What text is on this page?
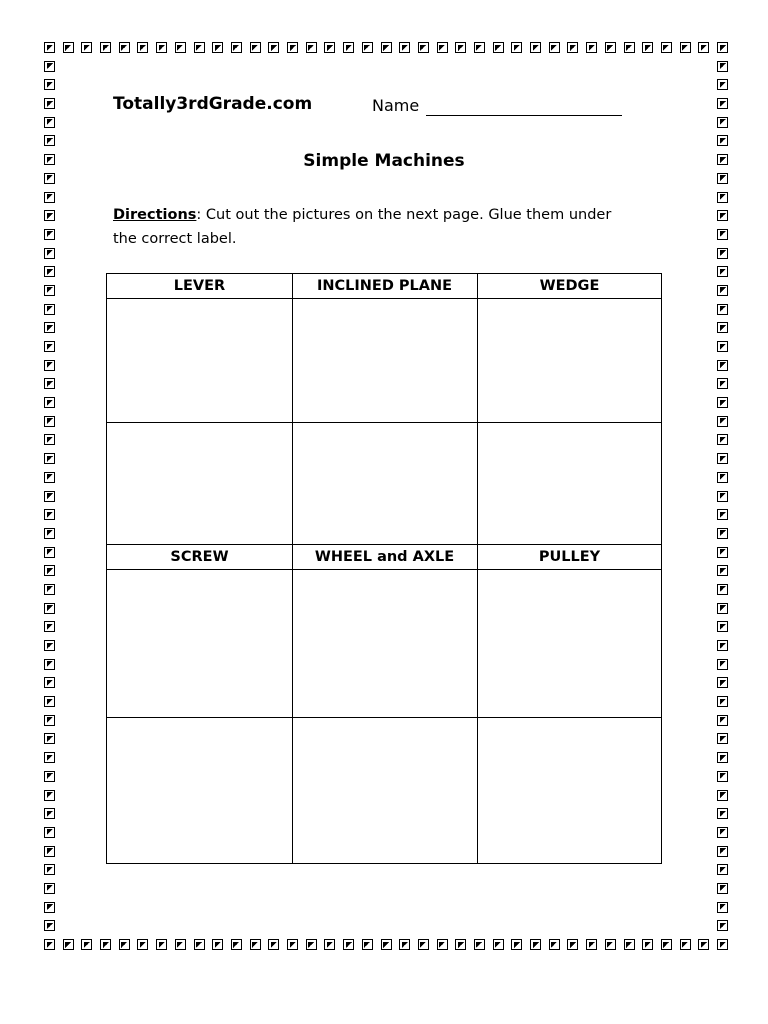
Totally3rdGrade.com	Name
Simple Machines
Directions: Cut out the pictures on the next page. Glue them under the correct label.
LEVER	INCLINED PLANE	WEDGE
SCREW	WHEEL and AXLE	PULLEY
